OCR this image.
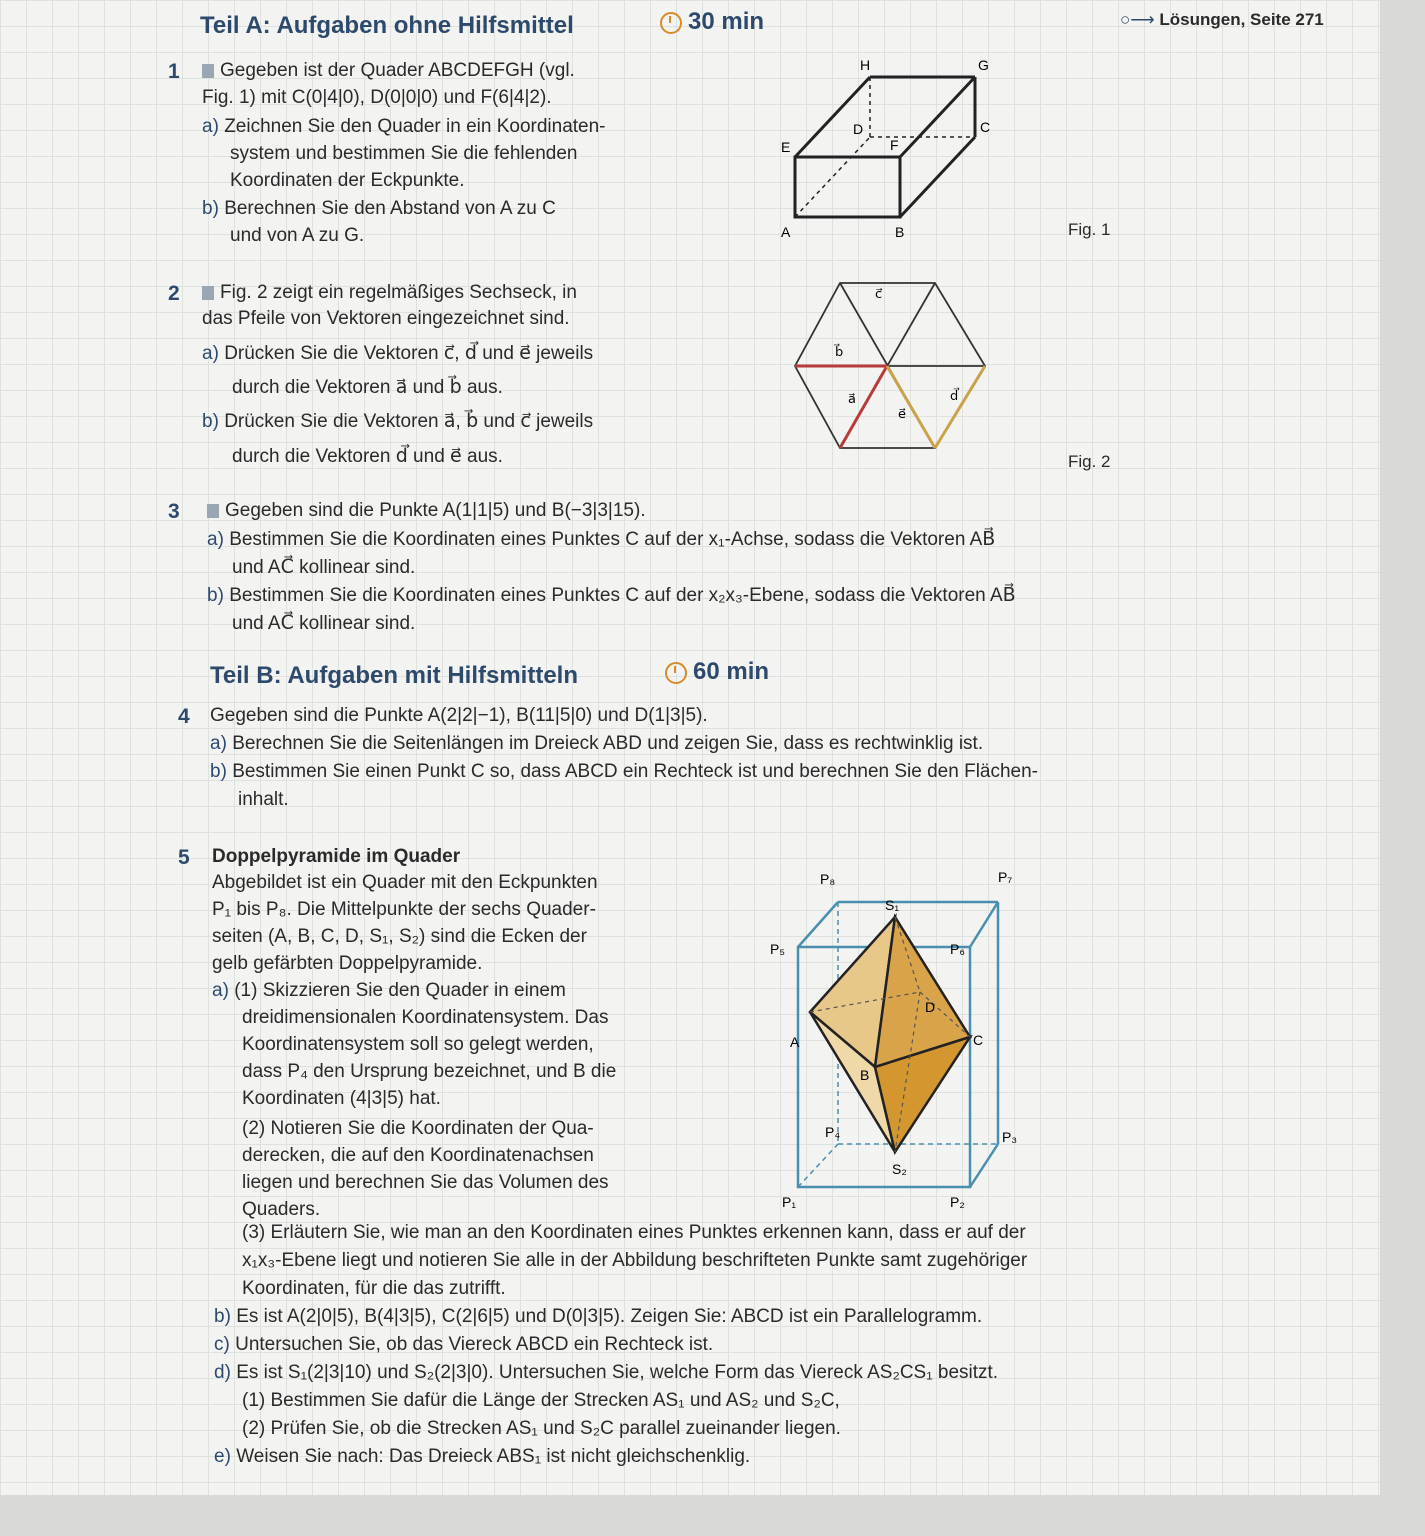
Teil A: Aufgaben ohne Hilfsmittel	30 min	○⟶ Lösungen, Seite 271
1	Gegeben ist der Quader ABCDEFGH (vgl.
Fig. 1) mit C(0|4|0), D(0|0|0) und F(6|4|2).
a) Zeichnen Sie den Quader in ein Koordinaten-
system und bestimmen Sie die fehlenden
Koordinaten der Eckpunkte.
b) Berechnen Sie den Abstand von A zu C
und von A zu G.	A	B
C
D
E	F
G
H
Fig. 1
2	Fig. 2 zeigt ein regelmäßiges Sechseck, in
das Pfeile von Vektoren eingezeichnet sind.
a) Drücken Sie die Vektoren c⃗, d⃗ und e⃗ jeweils
durch die Vektoren a⃗ und b⃗ aus.
b) Drücken Sie die Vektoren a⃗, b⃗ und c⃗ jeweils
durch die Vektoren d⃗ und e⃗ aus.
c⃗
b⃗
a⃗
e⃗
d⃗
Fig. 2
3	Gegeben sind die Punkte A(1|1|5) und B(−3|3|15).
a) Bestimmen Sie die Koordinaten eines Punktes C auf der x₁-Achse, sodass die Vektoren AB⃗
und AC⃗ kollinear sind.
b) Bestimmen Sie die Koordinaten eines Punktes C auf der x₂x₃-Ebene, sodass die Vektoren AB⃗
und AC⃗ kollinear sind.
Teil B: Aufgaben mit Hilfsmitteln	60 min
4 Gegeben sind die Punkte A(2|2|−1), B(11|5|0) und D(1|3|5).
a) Berechnen Sie die Seitenlängen im Dreieck ABD und zeigen Sie, dass es rechtwinklig ist.
b) Bestimmen Sie einen Punkt C so, dass ABCD ein Rechteck ist und berechnen Sie den Flächen-
inhalt.
5 Doppelpyramide im Quader
Abgebildet ist ein Quader mit den Eckpunkten
P₁ bis P₈. Die Mittelpunkte der sechs Quader-
seiten (A, B, C, D, S₁, S₂) sind die Ecken der
gelb gefärbten Doppelpyramide.
a) (1) Skizzieren Sie den Quader in einem
dreidimensionalen Koordinatensystem. Das
Koordinatensystem soll so gelegt werden,
dass P₄ den Ursprung bezeichnet, und B die
Koordinaten (4|3|5) hat.
(2) Notieren Sie die Koordinaten der Qua-
derecken, die auf den Koordinatenachsen
liegen und berechnen Sie das Volumen des
Quaders.
(3) Erläutern Sie, wie man an den Koordinaten eines Punktes erkennen kann, dass er auf der
x₁x₃-Ebene liegt und notieren Sie alle in der Abbildung beschrifteten Punkte samt zugehöriger
Koordinaten, für die das zutrifft.
b) Es ist A(2|0|5), B(4|3|5), C(2|6|5) und D(0|3|5). Zeigen Sie: ABCD ist ein Parallelogramm.
c) Untersuchen Sie, ob das Viereck ABCD ein Rechteck ist.
d) Es ist S₁(2|3|10) und S₂(2|3|0). Untersuchen Sie, welche Form das Viereck AS₂CS₁ besitzt.
(1) Bestimmen Sie dafür die Länge der Strecken AS₁ und AS₂ und S₂C,
(2) Prüfen Sie, ob die Strecken AS₁ und S₂C parallel zueinander liegen.
e) Weisen Sie nach: Das Dreieck ABS₁ ist nicht gleichschenklig.
P₈	P₇
S₁
P₅	P₆
D
A	C
B
P₄	P₃
S₂
P₁	P₂
